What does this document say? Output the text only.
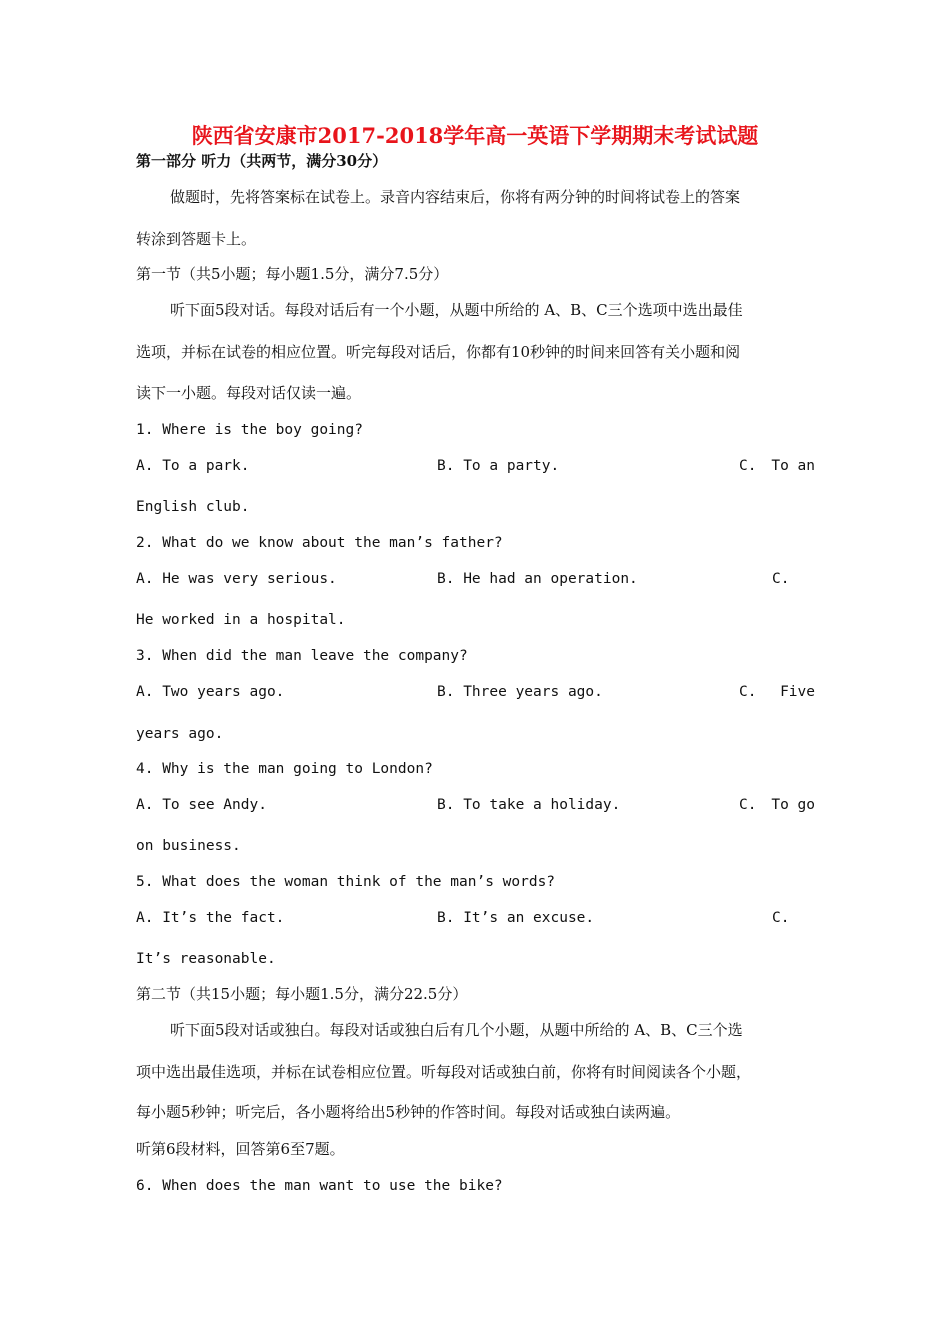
陕西省安康市2017-2018学年高一英语下学期期末考试试题
第一部分 听力（共两节，满分30分）
做题时，先将答案标在试卷上。录音内容结束后，你将有两分钟的时间将试卷上的答案
转涂到答题卡上。
第一节（共5小题；每小题1.5分，满分7.5分）
听下面5段对话。每段对话后有一个小题，从题中所给的 A、B、C三个选项中选出最佳
选项，并标在试卷的相应位置。听完每段对话后，你都有10秒钟的时间来回答有关小题和阅
读下一小题。每段对话仅读一遍。
1. Where is the boy going?
A. To a park.	B. To a party.	C. To an
English club.
2. What do we know about the man’s father?
A. He was very serious.	B. He had an operation.	C.
He worked in a hospital.
3. When did the man leave the company?
A. Two years ago.	B. Three years ago.	C. Five
years ago.
4. Why is the man going to London?
A. To see Andy.	B. To take a holiday.	C. To go
on business.
5. What does the woman think of the man’s words?
A. It’s the fact.	B. It’s an excuse.	C.
It’s reasonable.
第二节（共15小题；每小题1.5分，满分22.5分）
听下面5段对话或独白。每段对话或独白后有几个小题，从题中所给的 A、B、C三个选
项中选出最佳选项，并标在试卷相应位置。听每段对话或独白前，你将有时间阅读各个小题，
每小题5秒钟；听完后，各小题将给出5秒钟的作答时间。每段对话或独白读两遍。
听第6段材料，回答第6至7题。
6. When does the man want to use the bike?
